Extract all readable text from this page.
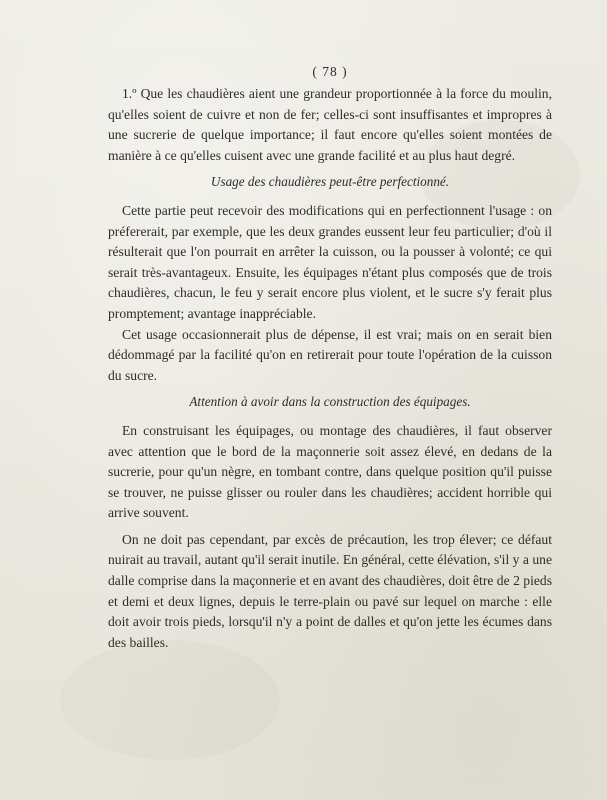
( 78 )

1.º Que les chaudières aient une grandeur proportionnée à la force du moulin, qu'elles soient de cuivre et non de fer; celles-ci sont insuffisantes et impropres à une sucrerie de quelque importance; il faut encore qu'elles soient montées de manière à ce qu'elles cuisent avec une grande facilité et au plus haut degré.

Usage des chaudières peut-être perfectionné.

Cette partie peut recevoir des modifications qui en perfectionnent l'usage : on préfererait, par exemple, que les deux grandes eussent leur feu particulier; d'où il résulterait que l'on pourrait en arrêter la cuisson, ou la pousser à volonté; ce qui serait très-avantageux. Ensuite, les équipages n'étant plus composés que de trois chaudières, chacun, le feu y serait encore plus violent, et le sucre s'y ferait plus promptement; avantage inappréciable.

Cet usage occasionnerait plus de dépense, il est vrai; mais on en serait bien dédommagé par la facilité qu'on en retirerait pour toute l'opération de la cuisson du sucre.

Attention à avoir dans la construction des équipages.

En construisant les équipages, ou montage des chaudières, il faut observer avec attention que le bord de la maçonnerie soit assez élevé, en dedans de la sucrerie, pour qu'un nègre, en tombant contre, dans quelque position qu'il puisse se trouver, ne puisse glisser ou rouler dans les chaudières; accident horrible qui arrive souvent.

On ne doit pas cependant, par excès de précaution, les trop élever; ce défaut nuirait au travail, autant qu'il serait inutile. En général, cette élévation, s'il y a une dalle comprise dans la maçonnerie et en avant des chaudières, doit être de 2 pieds et demi et deux lignes, depuis le terre-plain ou pavé sur lequel on marche : elle doit avoir trois pieds, lorsqu'il n'y a point de dalles et qu'on jette les écumes dans des bailles.
